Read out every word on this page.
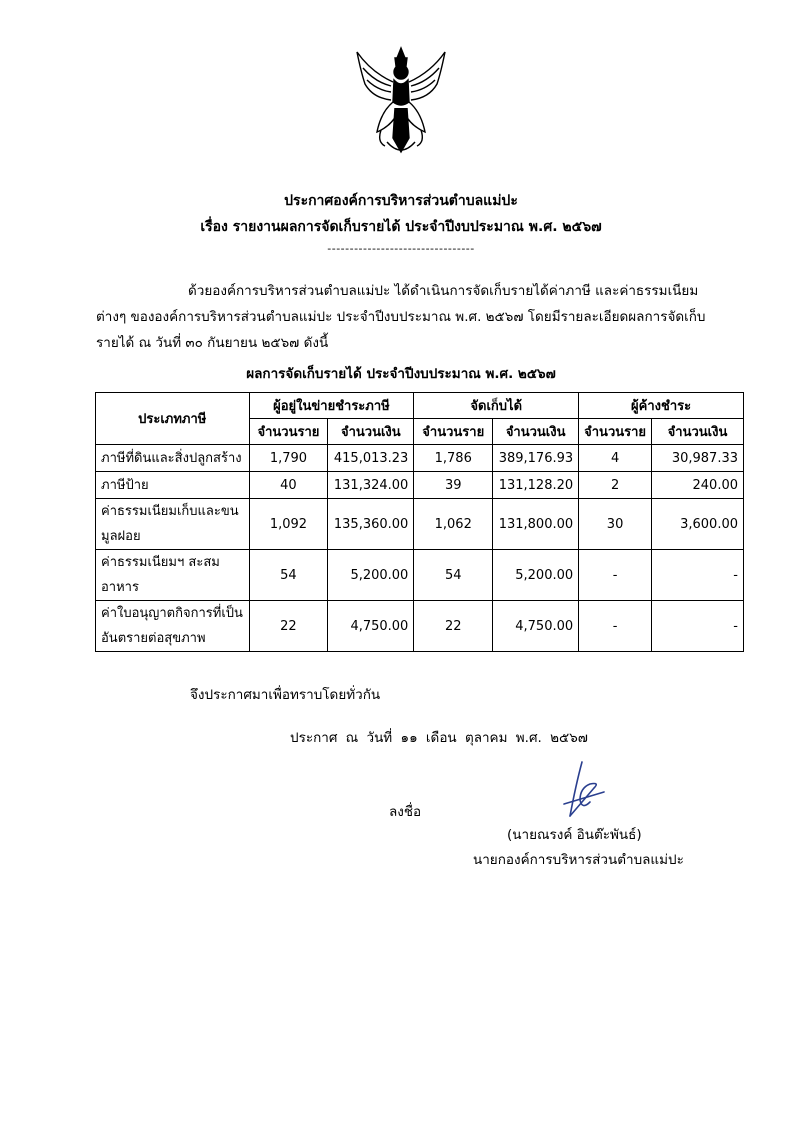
ประกาศองค์การบริหารส่วนตำบลแม่ปะ
เรื่อง รายงานผลการจัดเก็บรายได้ ประจำปีงบประมาณ พ.ศ. ๒๕๖๗
---------------------------------
ด้วยองค์การบริหารส่วนตำบลแม่ปะ ได้ดำเนินการจัดเก็บรายได้ค่าภาษี และค่าธรรมเนียมต่างๆ ขององค์การบริหารส่วนตำบลแม่ปะ ประจำปีงบประมาณ พ.ศ. ๒๕๖๗ โดยมีรายละเอียดผลการจัดเก็บรายได้ ณ วันที่ ๓๐ กันยายน ๒๕๖๗ ดังนี้
ผลการจัดเก็บรายได้ ประจำปีงบประมาณ พ.ศ. ๒๕๖๗
ประเภทภาษี	ผู้อยู่ในข่ายชำระภาษี		จัดเก็บได้		ผู้ค้างชำระ	
	จำนวนราย	จำนวนเงิน	จำนวนราย	จำนวนเงิน	จำนวนราย	จำนวนเงิน
ภาษีที่ดินและสิ่งปลูกสร้าง	1,790	415,013.23	1,786	389,176.93	4	30,987.33
ภาษีป้าย	40	131,324.00	39	131,128.20	2	240.00
ค่าธรรมเนียมเก็บและขน
มูลฝอย	1,092	135,360.00	1,062	131,800.00	30	3,600.00
ค่าธรรมเนียมฯ สะสม
อาหาร	54	5,200.00	54	5,200.00	-	-
ค่าใบอนุญาตกิจการที่เป็น
อันตรายต่อสุขภาพ	22	4,750.00	22	4,750.00	-	-
จึงประกาศมาเพื่อทราบโดยทั่วกัน
ประกาศ ณ วันที่ ๑๑ เดือน ตุลาคม พ.ศ. ๒๕๖๗
ลงชื่อ
(นายณรงค์ อินต๊ะพันธ์)
นายกองค์การบริหารส่วนตำบลแม่ปะ
